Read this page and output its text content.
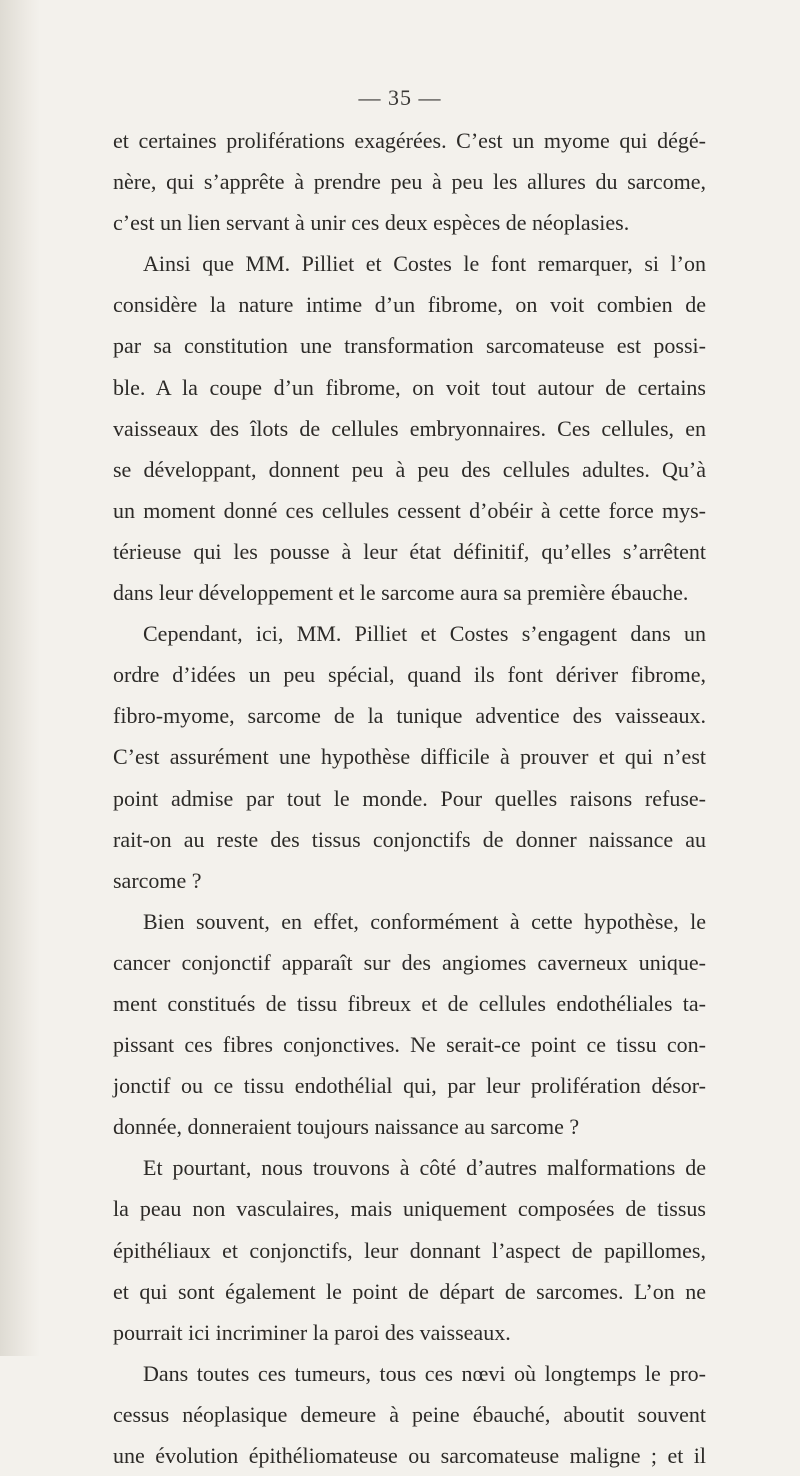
— 35 —
et certaines proliférations exagérées. C’est un myome qui dégé-
nère, qui s’apprête à prendre peu à peu les allures du sarcome,
c’est un lien servant à unir ces deux espèces de néoplasies.
Ainsi que MM. Pilliet et Costes le font remarquer, si l’on
considère la nature intime d’un fibrome, on voit combien de
par sa constitution une transformation sarcomateuse est possi-
ble. A la coupe d’un fibrome, on voit tout autour de certains
vaisseaux des îlots de cellules embryonnaires. Ces cellules, en
se développant, donnent peu à peu des cellules adultes. Qu’à
un moment donné ces cellules cessent d’obéir à cette force mys-
térieuse qui les pousse à leur état définitif, qu’elles s’arrêtent
dans leur développement et le sarcome aura sa première ébauche.
Cependant, ici, MM. Pilliet et Costes s’engagent dans un
ordre d’idées un peu spécial, quand ils font dériver fibrome,
fibro-myome, sarcome de la tunique adventice des vaisseaux.
C’est assurément une hypothèse difficile à prouver et qui n’est
point admise par tout le monde. Pour quelles raisons refuse-
rait-on au reste des tissus conjonctifs de donner naissance au
sarcome ?
Bien souvent, en effet, conformément à cette hypothèse, le
cancer conjonctif apparaît sur des angiomes caverneux unique-
ment constitués de tissu fibreux et de cellules endothéliales ta-
pissant ces fibres conjonctives. Ne serait-ce point ce tissu con-
jonctif ou ce tissu endothélial qui, par leur prolifération désor-
donnée, donneraient toujours naissance au sarcome ?
Et pourtant, nous trouvons à côté d’autres malformations de
la peau non vasculaires, mais uniquement composées de tissus
épithéliaux et conjonctifs, leur donnant l’aspect de papillomes,
et qui sont également le point de départ de sarcomes. L’on ne
pourrait ici incriminer la paroi des vaisseaux.
Dans toutes ces tumeurs, tous ces nœvi où longtemps le pro-
cessus néoplasique demeure à peine ébauché, aboutit souvent
une évolution épithéliomateuse ou sarcomateuse maligne ; et il
